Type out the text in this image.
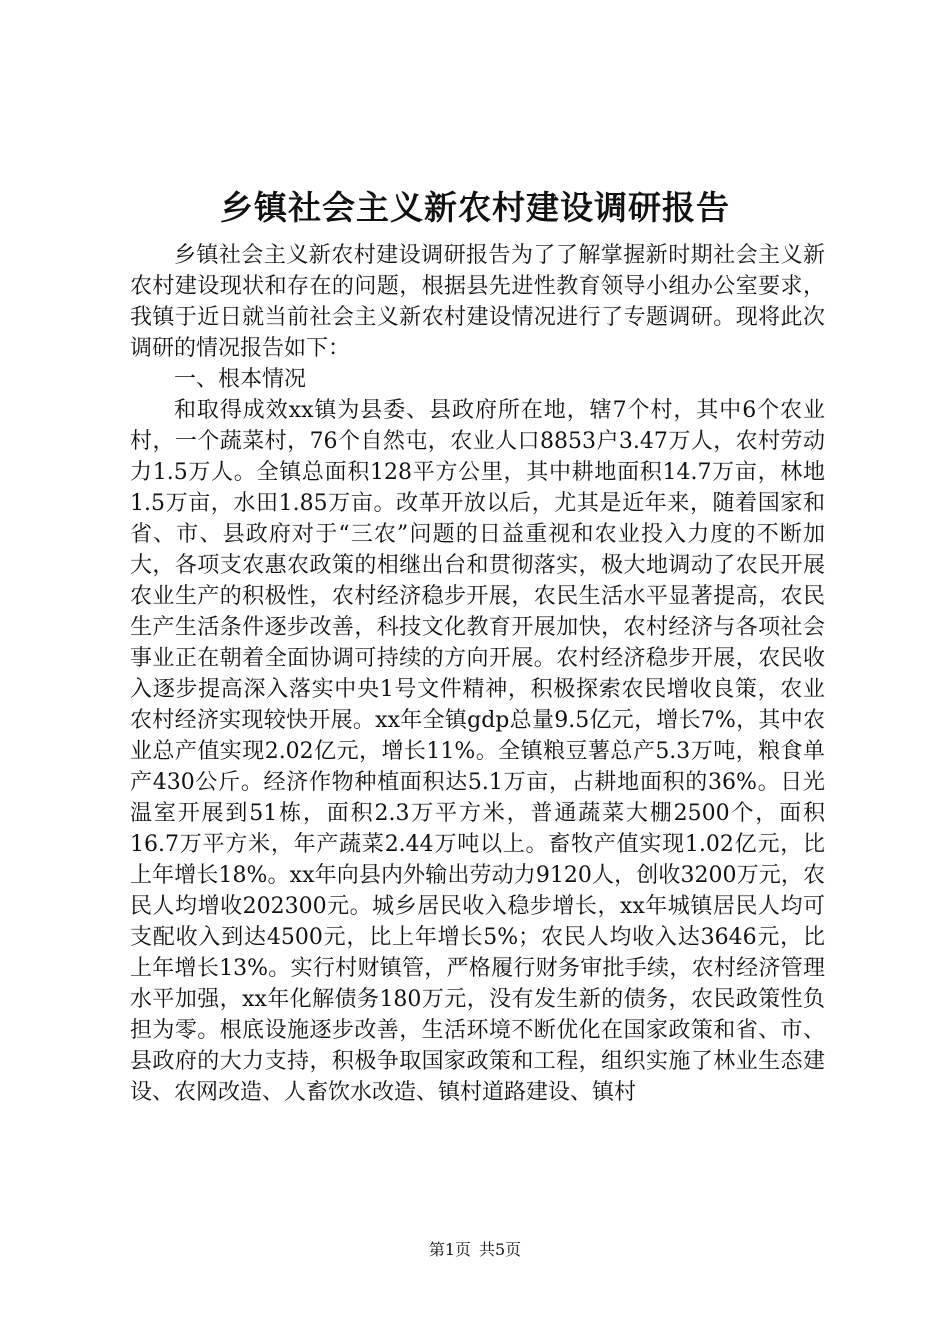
乡镇社会主义新农村建设调研报告

乡镇社会主义新农村建设调研报告为了了解掌握新时期社会主义新农村建设现状和存在的问题，根据县先进性教育领导小组办公室要求，我镇于近日就当前社会主义新农村建设情况进行了专题调研。现将此次调研的情况报告如下：

一、根本情况

和取得成效xx镇为县委、县政府所在地，辖7个村，其中6个农业村，一个蔬菜村，76个自然屯，农业人口8853户3.47万人，农村劳动力1.5万人。全镇总面积128平方公里，其中耕地面积14.7万亩，林地1.5万亩，水田1.85万亩。改革开放以后，尤其是近年来，随着国家和省、市、县政府对于“三农”问题的日益重视和农业投入力度的不断加大，各项支农惠农政策的相继出台和贯彻落实，极大地调动了农民开展农业生产的积极性，农村经济稳步开展，农民生活水平显著提高，农民生产生活条件逐步改善，科技文化教育开展加快，农村经济与各项社会事业正在朝着全面协调可持续的方向开展。农村经济稳步开展，农民收入逐步提高深入落实中央1号文件精神，积极探索农民增收良策，农业农村经济实现较快开展。xx年全镇gdp总量9.5亿元，增长7%，其中农业总产值实现2.02亿元，增长11%。全镇粮豆薯总产5.3万吨，粮食单产430公斤。经济作物种植面积达5.1万亩，占耕地面积的36%。日光温室开展到51栋，面积2.3万平方米，普通蔬菜大棚2500个，面积16.7万平方米，年产蔬菜2.44万吨以上。畜牧产值实现1.02亿元，比上年增长18%。xx年向县内外输出劳动力9120人，创收3200万元，农民人均增收202300元。城乡居民收入稳步增长，xx年城镇居民人均可支配收入到达4500元，比上年增长5%；农民人均收入达3646元，比上年增长13%。实行村财镇管，严格履行财务审批手续，农村经济管理水平加强，xx年化解债务180万元，没有发生新的债务，农民政策性负担为零。根底设施逐步改善，生活环境不断优化在国家政策和省、市、县政府的大力支持，积极争取国家政策和工程，组织实施了林业生态建设、农网改造、人畜饮水改造、镇村道路建设、镇村

第1页 共5页
